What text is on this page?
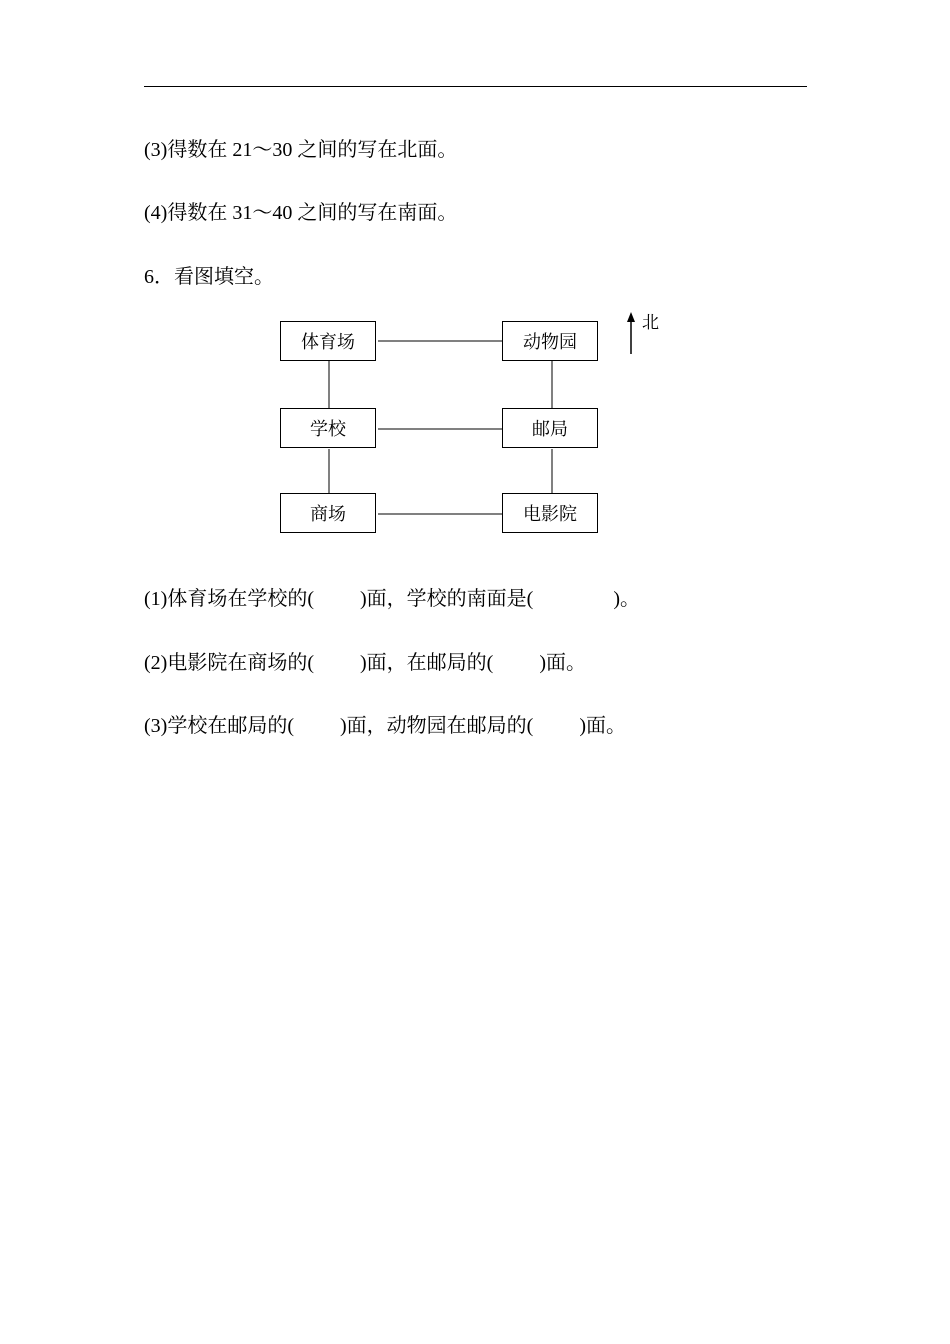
(3)得数在 21～30 之间的写在北面。
(4)得数在 31～40 之间的写在南面。
6．看图填空。
北
体育场	动物园
学校	邮局
商场	电影院
(1)体育场在学校的( )面，学校的南面是(	)。
(2)电影院在商场的( )面，在邮局的( )面。
(3)学校在邮局的( )面，动物园在邮局的( )面。
